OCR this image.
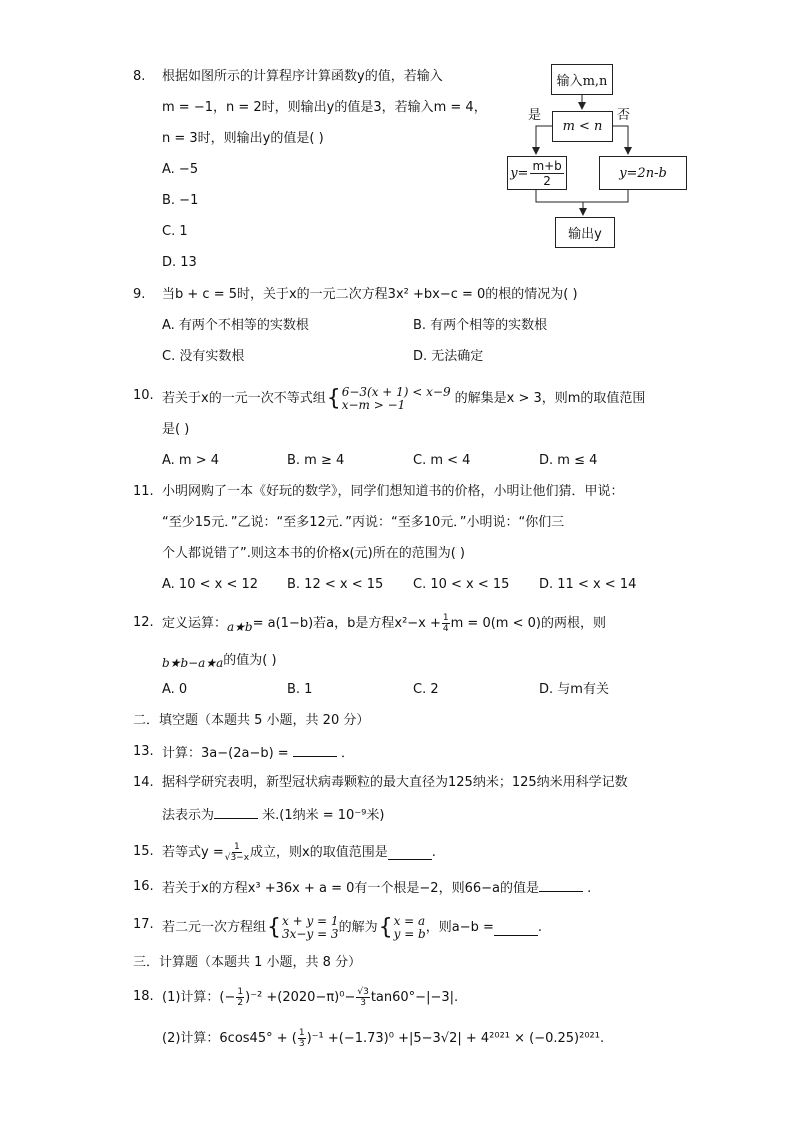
8. 根据如图所示的计算程序计算函数y的值，若输入
m = −1，n = 2时，则输出y的值是3，若输入m = 4，
n = 3时，则输出y的值是( )
A. −5
B. −1
C. 1
D. 13
输入m,n
是	否
m < n
$y= \frac{m+b}{2}$	y=2n-b
输出y
9. 当b + c = 5时，关于x的一元二次方程3x² +bx−c = 0的根的情况为( )
A. 有两个不相等的实数根	B. 有两个相等的实数根
C. 没有实数根	D. 无法确定
10. 若关于x的一元一次不等式组 { 6−3(x + 1) < x−9
x−m > −1	的解集是x > 3，则m的取值范围
是( )
A. m > 4	B. m ≥ 4	C. m < 4	D. m ≤ 4
11. 小明网购了一本《好玩的数学》，同学们想知道书的价格，小明让他们猜．甲说：
“至少15元．”乙说：“至多12元．”丙说：“至多10元．”小明说：“你们三
个人都说错了”.则这本书的价格x(元)所在的范围为( )
A. 10 < x < 12 B. 12 < x < 15 C. 10 < x < 15 D. 11 < x < 14
12. 定义运算： a★b = a(1−b)若a，b是方程$x^2-x + \frac{1}{4}$ m = 0(m < 0)的两根，则
b★b−a★a的值为( )
A. 0	B. 1	C. 2	D. 与m有关
二．填空题（本题共 5 小题，共 20 分）
13. 计算：3a−(2a−b) =	．
14. 据科学研究表明，新型冠状病毒颗粒的最大直径为125纳米；125纳米用科学记数
法表示为	米.(1纳米 = 10⁻⁹米)
15. 若等式$y = \frac{1}{√3-x}$ 成立，则x的取值范围是	.
16. 若关于x的方程x³ +36x + a = 0有一个根是−2，则66−a的值是	.
17. 若二元一次方程组 { x + y = 1
3x−y = 3 的解为 { x = a
y = b ，则a−b =	.
三．计算题（本题共 1 小题，共 8 分）
18. (1)计算：(− $\frac{1}{2} )^{-2} +(2020-\pi)^0- \frac{√3}{3} \tan 60^\circ-|-3|$.
(2)计算：6cos45° + ( 1
3 )⁻¹ +(−1.73)⁰ +|5−3√2| + 4²⁰²¹ × (−0.25)²⁰²¹.
